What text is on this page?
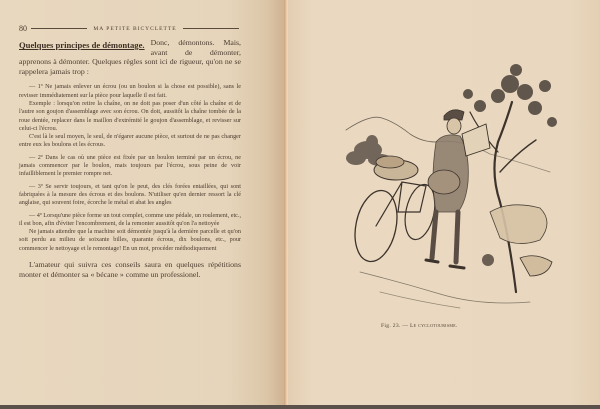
80	MA PETITE BICYCLETTE

Quelques principes de démontage. Donc, démontons. Mais, avant de démonter, apprenons à démonter. Quelques règles sont ici de rigueur, qu'on ne se rappelera jamais trop :

— 1º Ne jamais enlever un écrou (ou un boulon si la chose est possible), sans le revisser immédiatement sur la pièce pour laquelle il est fait.

Exemple : lorsqu'on retire la chaîne, on ne doit pas poser d'un côté la chaîne et de l'autre son goujon d'assemblage avec son écrou. On doit, aussitôt la chaîne tombée de la roue dentée, replacer dans le maillon d'extrémité le goujon d'assemblage, et revisser sur celui-ci l'écrou.

C'est là le seul moyen, le seul, de n'égarer aucune pièce, et surtout de ne pas changer entre eux les boulons et les écrous.

— 2º Dans le cas où une pièce est fixée par un boulon terminé par un écrou, ne jamais commencer par le boulon, mais toujours par l'écrou, sous peine de voir infailliblement le premier rompre net.

— 3º Se servir toujours, et tant qu'on le peut, des clés forées entaillées, qui sont fabriquées à la mesure des écrous et des boulons. N'utiliser qu'en dernier ressort la clé anglaise, qui souvent foire, écorche le métal et abat les angles

— 4º Lorsqu'une pièce forme un tout complet, comme une pédale, un roulement, etc., il est bon, afin d'éviter l'encombrement, de la remonter aussitôt qu'on l'a nettoyée

Ne jamais attendre que la machine soit démontée jusqu'à la dernière parcelle et qu'on soit perdu au milieu de soixante billes, quarante écrous, dix boulons, etc., pour commencer le nettoyage et le remontage! En un mot, procéder méthodiquement

L'amateur qui suivra ces conseils saura en quelques répétitions monter et démonter sa « bécane » comme un professionel.

Fig. 23. — Le cyclotourisme.
